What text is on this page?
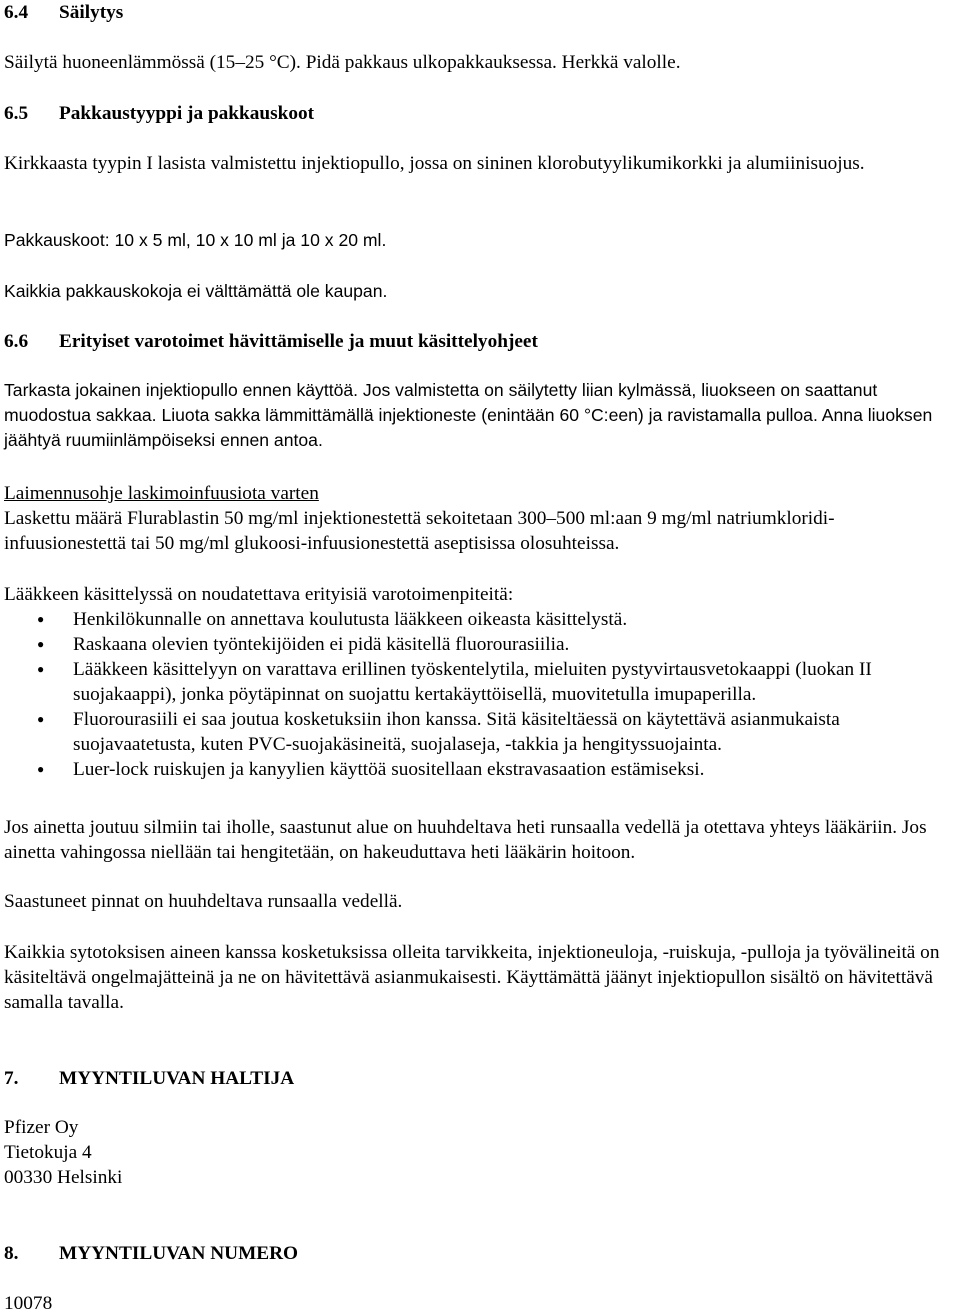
6.4 Säilytys

Säilytä huoneenlämmössä (15–25 °C). Pidä pakkaus ulkopakkauksessa. Herkkä valolle.

6.5 Pakkaustyyppi ja pakkauskoot

Kirkkaasta tyypin I lasista valmistettu injektiopullo, jossa on sininen klorobutyylikumikorkki ja alumiinisuojus.

Pakkauskoot: 10 x 5 ml, 10 x 10 ml ja 10 x 20 ml.

Kaikkia pakkauskokoja ei välttämättä ole kaupan.

6.6 Erityiset varotoimet hävittämiselle ja muut käsittelyohjeet

Tarkasta jokainen injektiopullo ennen käyttöä. Jos valmistetta on säilytetty liian kylmässä, liuokseen on saattanut muodostua sakkaa. Liuota sakka lämmittämällä injektioneste (enintään 60 °C:een) ja ravistamalla pulloa. Anna liuoksen jäähtyä ruumiinlämpöiseksi ennen antoa.

Laimennusohje laskimoinfuusiota varten

Laskettu määrä Flurablastin 50 mg/ml injektionestettä sekoitetaan 300–500 ml:aan 9 mg/ml natriumkloridi-infuusionestettä tai 50 mg/ml glukoosi-infuusionestettä aseptisissa olosuhteissa.

Lääkkeen käsittelyssä on noudatettava erityisiä varotoimenpiteitä:

● Henkilökunnalle on annettava koulutusta lääkkeen oikeasta käsittelystä.
● Raskaana olevien työntekijöiden ei pidä käsitellä fluorourasiilia.
● Lääkkeen käsittelyyn on varattava erillinen työskentelytila, mieluiten pystyvirtausvetokaappi (luokan II suojakaappi), jonka pöytäpinnat on suojattu kertakäyttöisellä, muovitetulla imupaperilla.
● Fluorourasiili ei saa joutua kosketuksiin ihon kanssa. Sitä käsiteltäessä on käytettävä asianmukaista suojavaatetusta, kuten PVC-suojakäsineitä, suojalaseja, -takkia ja hengityssuojainta.
● Luer-lock ruiskujen ja kanyylien käyttöä suositellaan ekstravasaation estämiseksi.

Jos ainetta joutuu silmiin tai iholle, saastunut alue on huuhdeltava heti runsaalla vedellä ja otettava yhteys lääkäriin. Jos ainetta vahingossa niellään tai hengitetään, on hakeuduttava heti lääkärin hoitoon.

Saastuneet pinnat on huuhdeltava runsaalla vedellä.

Kaikkia sytotoksisen aineen kanssa kosketuksissa olleita tarvikkeita, injektioneuloja, -ruiskuja, -pulloja ja työvälineitä on käsiteltävä ongelmajätteinä ja ne on hävitettävä asianmukaisesti. Käyttämättä jäänyt injektiopullon sisältö on hävitettävä samalla tavalla.

7. MYYNTILUVAN HALTIJA

Pfizer Oy
Tietokuja 4
00330 Helsinki

8. MYYNTILUVAN NUMERO

10078
